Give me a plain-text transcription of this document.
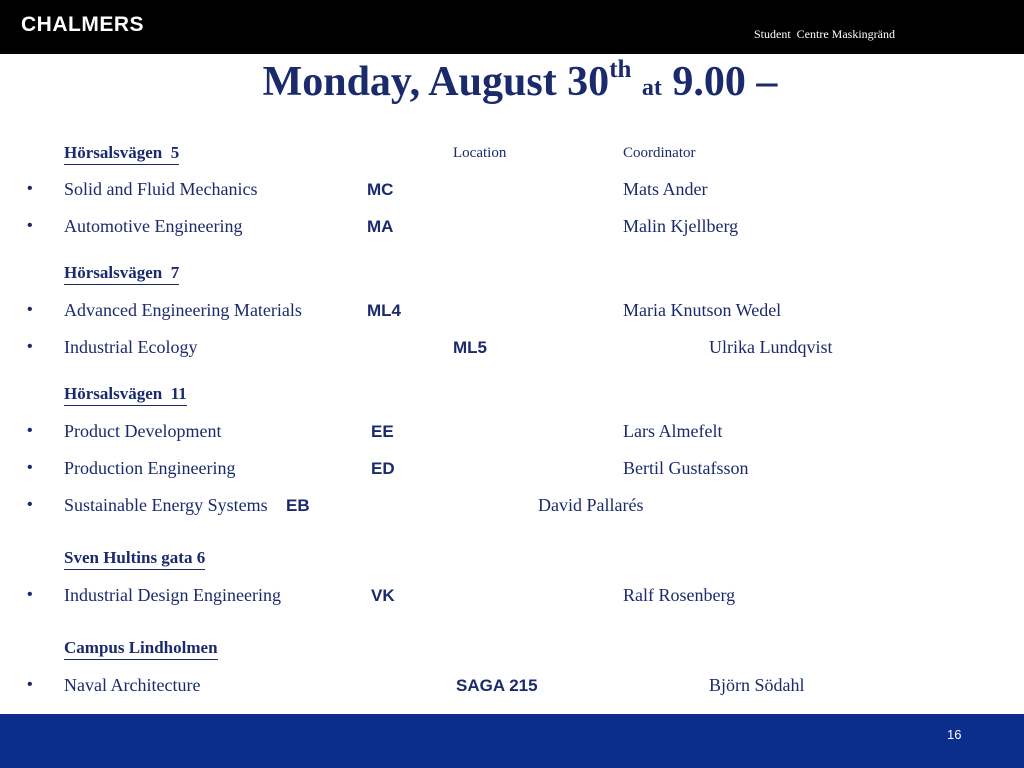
CHALMERS	Student  Centre Maskingränd
Monday, August 30th at 9.00 –
Hörsalsvägen  5	Location	Coordinator
• Solid and Fluid Mechanics	MC	Mats Ander
• Automotive Engineering	MA	Malin Kjellberg
Hörsalsvägen  7
• Advanced Engineering Materials	ML4	Maria Knutson Wedel
• Industrial Ecology	ML5	Ulrika Lundqvist
Hörsalsvägen  11
• Product Development	EE	Lars Almefelt
• Production Engineering	ED	Bertil Gustafsson
• Sustainable Energy Systems EB	David Pallarés
Sven Hultins gata 6
• Industrial Design Engineering	VK	Ralf Rosenberg
Campus Lindholmen
• Naval Architecture	SAGA 215	Björn Södahl
16
